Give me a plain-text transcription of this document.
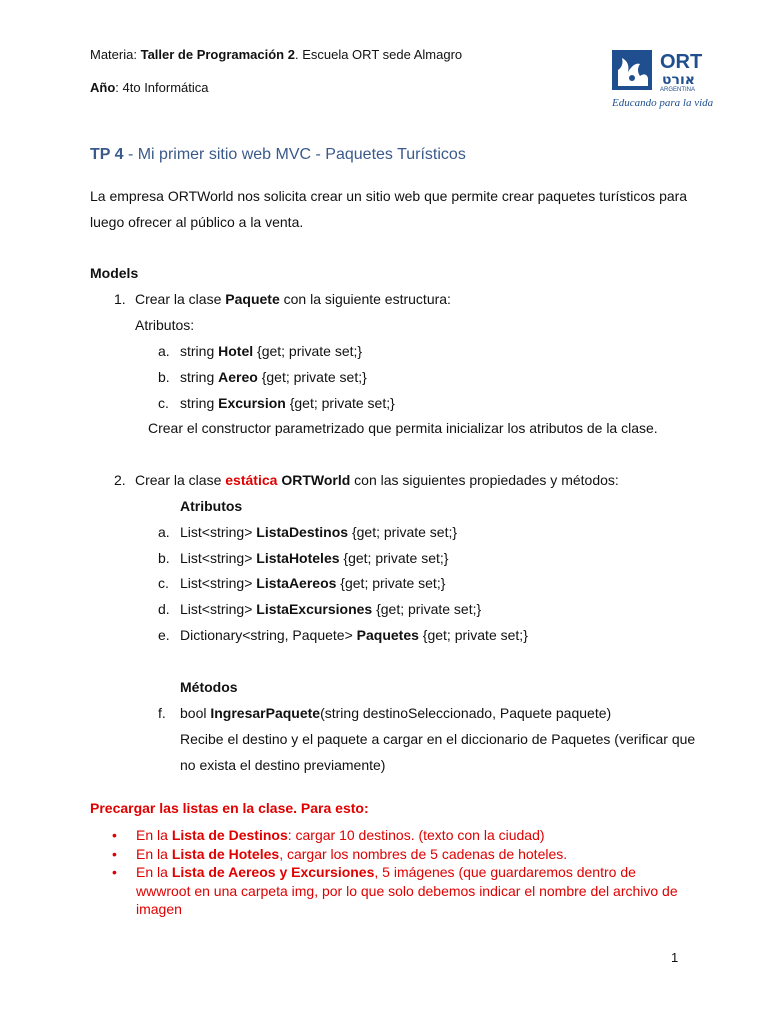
Materia: Taller de Programación 2. Escuela ORT sede Almagro
Año: 4to Informática
ORT
אורט
ARGENTINA
Educando para la vida
TP 4 - Mi primer sitio web MVC - Paquetes Turísticos
La empresa ORTWorld nos solicita crear un sitio web que permite crear paquetes turísticos para
luego ofrecer al público a la venta.
Models
1. Crear la clase Paquete con la siguiente estructura:
Atributos:
a. string Hotel {get; private set;}
b. string Aereo {get; private set;}
c. string Excursion {get; private set;}
Crear el constructor parametrizado que permita inicializar los atributos de la clase.
2. Crear la clase estática ORTWorld con las siguientes propiedades y métodos:
Atributos
a. List<string> ListaDestinos {get; private set;}
b. List<string> ListaHoteles {get; private set;}
c. List<string> ListaAereos {get; private set;}
d. List<string> ListaExcursiones {get; private set;}
e. Dictionary<string, Paquete> Paquetes {get; private set;}
Métodos
f. bool IngresarPaquete(string destinoSeleccionado, Paquete paquete)
Recibe el destino y el paquete a cargar en el diccionario de Paquetes (verificar que
no exista el destino previamente)
Precargar las listas en la clase. Para esto:
• En la Lista de Destinos: cargar 10 destinos. (texto con la ciudad)
• En la Lista de Hoteles, cargar los nombres de 5 cadenas de hoteles.
• En la Lista de Aereos y Excursiones, 5 imágenes (que guardaremos dentro de wwwroot en una carpeta img, por lo que solo debemos indicar el nombre del archivo de imagen
1
